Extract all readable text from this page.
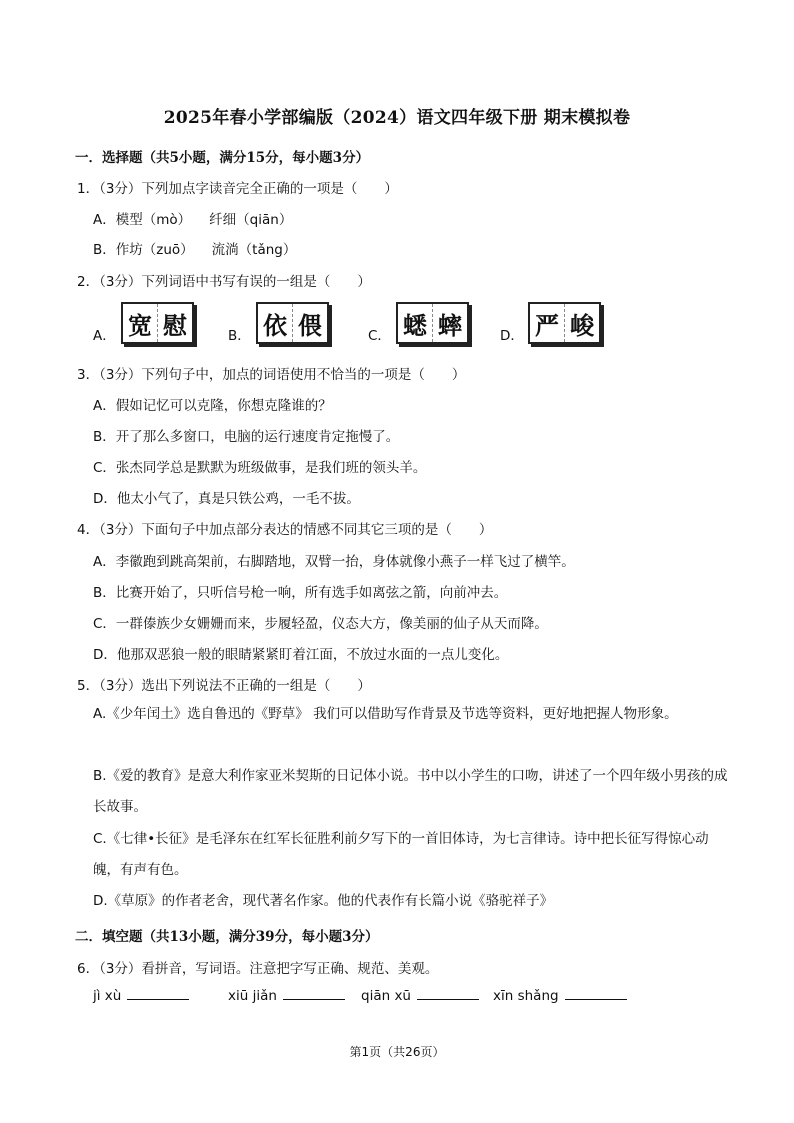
2025年春小学部编版（2024）语文四年级下册 期末模拟卷
一．选择题（共5小题，满分15分，每小题3分）
1．（3分）下列加点字读音完全正确的一项是（　　）
A．模型（mò） 纤细（qiān）
B．作坊（zuō） 流淌（tǎng）
2．（3分）下列词语中书写有误的一组是（　　）
A． 宽 慰	B． 依 偎	C． 蟋 蟀	D． 严 峻
3．（3分）下列句子中，加点的词语使用不恰当的一项是（　　）
A．假如记忆可以克隆，你想克隆谁的？
B．开了那么多窗口，电脑的运行速度肯定拖慢了。
C．张杰同学总是默默为班级做事，是我们班的领头羊。
D．他太小气了，真是只铁公鸡，一毛不拔。
4．（3分）下面句子中加点部分表达的情感不同其它三项的是（　　）
A．李徽跑到跳高架前，右脚踏地，双臂一抬，身体就像小燕子一样飞过了横竿。
B．比赛开始了，只听信号枪一响，所有选手如离弦之箭，向前冲去。
C．一群傣族少女姗姗而来，步履轻盈，仪态大方，像美丽的仙子从天而降。
D．他那双恶狼一般的眼睛紧紧盯着江面，不放过水面的一点儿变化。
5．（3分）选出下列说法不正确的一组是（　　）
A.《少年闰土》选自鲁迅的《野草》 我们可以借助写作背景及节选等资料，更好地把握人物形象。
B.《爱的教育》是意大利作家亚米契斯的日记体小说。书中以小学生的口吻，讲述了一个四年级小男孩的成长故事。
C.《七律•长征》是毛泽东在红军长征胜利前夕写下的一首旧体诗，为七言律诗。诗中把长征写得惊心动魄，有声有色。
D.《草原》的作者老舍，现代著名作家。他的代表作有长篇小说《骆驼祥子》
二．填空题（共13小题，满分39分，每小题3分）
6．（3分）看拼音，写词语。注意把字写正确、规范、美观。
jì xù	xiū jiǎn	qiān xū	xīn shǎng
第1页（共26页）
